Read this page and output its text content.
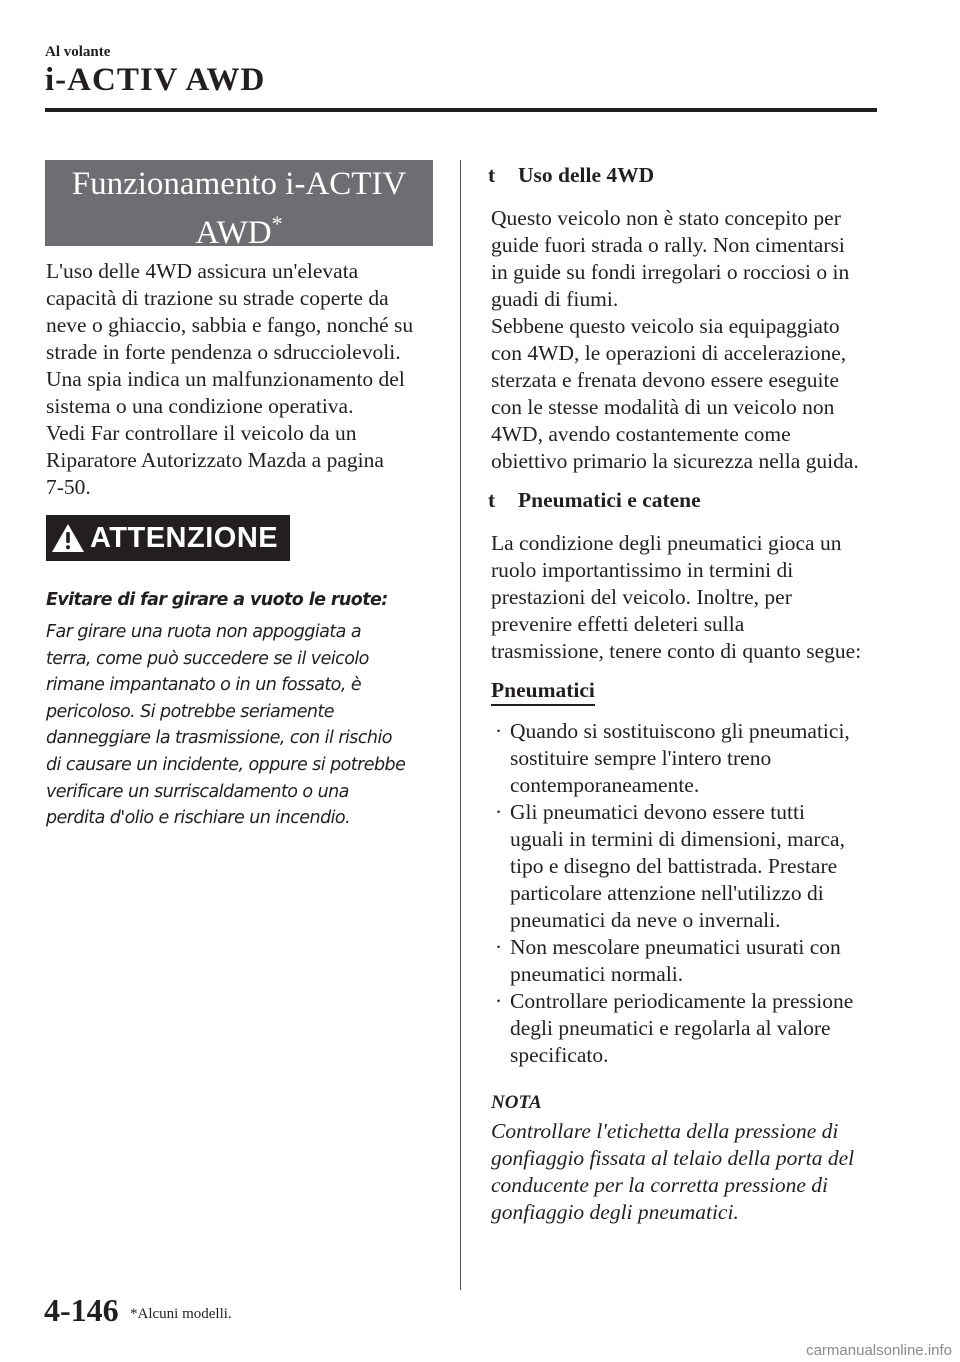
Al volante
i-ACTIV AWD
Funzionamento i-ACTIV
AWD*
L'uso delle 4WD assicura un'elevata
capacità di trazione su strade coperte da
neve o ghiaccio, sabbia e fango, nonché su
strade in forte pendenza o sdrucciolevoli.
Una spia indica un malfunzionamento del
sistema o una condizione operativa.
Vedi Far controllare il veicolo da un
Riparatore Autorizzato Mazda a pagina
7-50.
ATTENZIONE
Evitare di far girare a vuoto le ruote:
Far girare una ruota non appoggiata a
terra, come può succedere se il veicolo
rimane impantanato o in un fossato, è
pericoloso. Si potrebbe seriamente
danneggiare la trasmissione, con il rischio
di causare un incidente, oppure si potrebbe
verificare un surriscaldamento o una
perdita d'olio e rischiare un incendio.
t	Uso delle 4WD
Questo veicolo non è stato concepito per
guide fuori strada o rally. Non cimentarsi
in guide su fondi irregolari o rocciosi o in
guadi di fiumi.
Sebbene questo veicolo sia equipaggiato
con 4WD, le operazioni di accelerazione,
sterzata e frenata devono essere eseguite
con le stesse modalità di un veicolo non
4WD, avendo costantemente come
obiettivo primario la sicurezza nella guida.
t	Pneumatici e catene
La condizione degli pneumatici gioca un
ruolo importantissimo in termini di
prestazioni del veicolo. Inoltre, per
prevenire effetti deleteri sulla
trasmissione, tenere conto di quanto segue:
Pneumatici
· Quando si sostituiscono gli pneumatici,
sostituire sempre l'intero treno
contemporaneamente.
· Gli pneumatici devono essere tutti
uguali in termini di dimensioni, marca,
tipo e disegno del battistrada. Prestare
particolare attenzione nell'utilizzo di
pneumatici da neve o invernali.
· Non mescolare pneumatici usurati con
pneumatici normali.
· Controllare periodicamente la pressione
degli pneumatici e regolarla al valore
specificato.
NOTA
Controllare l'etichetta della pressione di
gonfiaggio fissata al telaio della porta del
conducente per la corretta pressione di
gonfiaggio degli pneumatici.
4-146 *Alcuni modelli.
carmanualsonline.info
